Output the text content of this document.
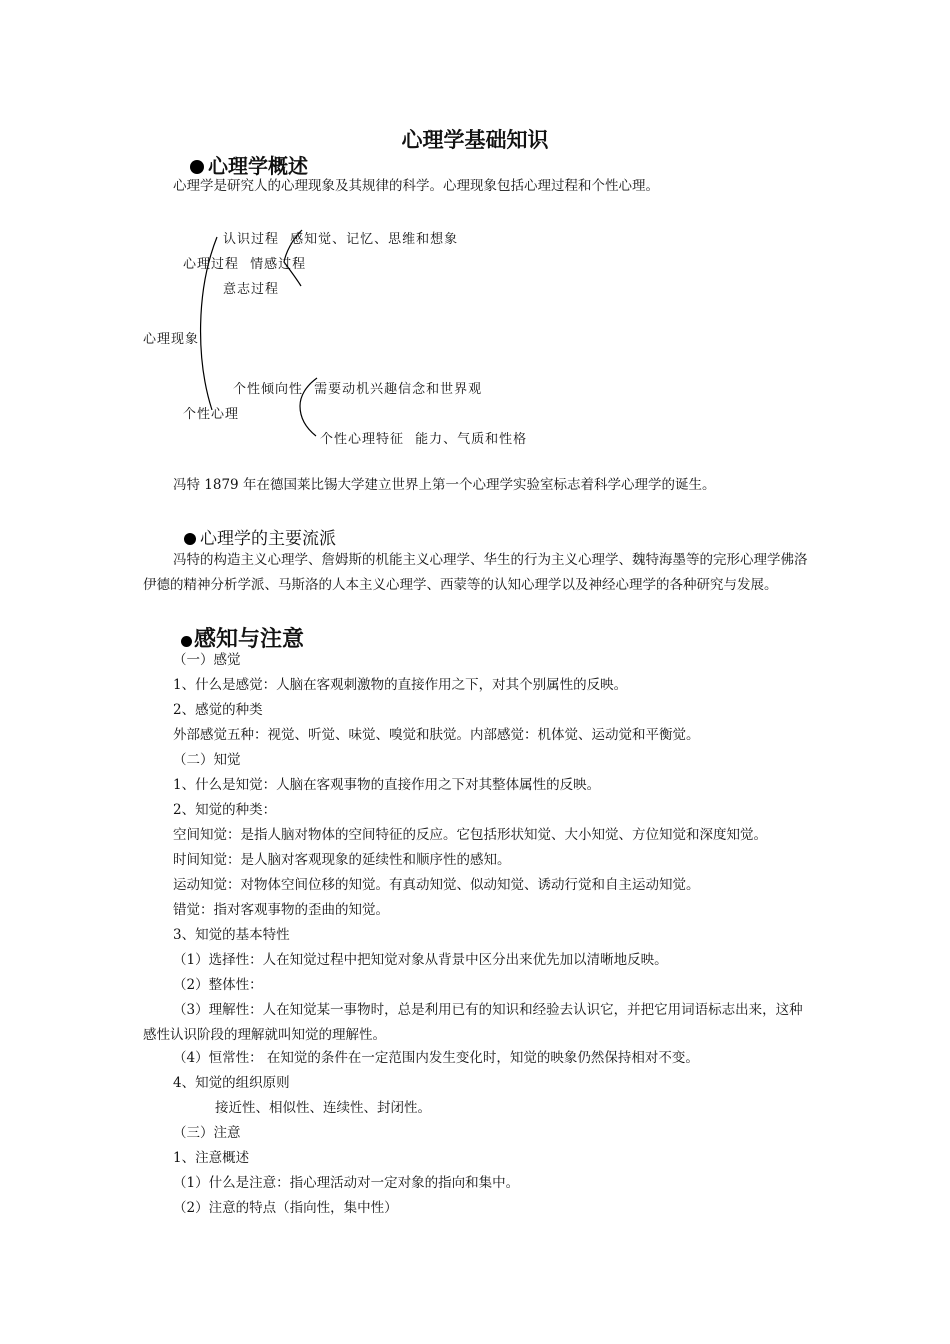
心理学基础知识
心理学概述
心理学是研究人的心理现象及其规律的科学。心理现象包括心理过程和个性心理。
认识过程 感知觉、记忆、思维和想象
心理过程 情感过程
意志过程
心理现象
个性倾向性 需要动机兴趣信念和世界观
个性心理
个性心理特征 能力、气质和性格
冯特 1879 年在德国莱比锡大学建立世界上第一个心理学实验室标志着科学心理学的诞生。
心理学的主要流派
冯特的构造主义心理学、詹姆斯的机能主义心理学、华生的行为主义心理学、魏特海墨等的完形心理学佛洛伊德的精神分析学派、马斯洛的人本主义心理学、西蒙等的认知心理学以及神经心理学的各种研究与发展。
感知与注意
（一）感觉
1、什么是感觉：人脑在客观刺激物的直接作用之下，对其个别属性的反映。
2、感觉的种类
外部感觉五种：视觉、听觉、味觉、嗅觉和肤觉。内部感觉：机体觉、运动觉和平衡觉。
（二）知觉
1、什么是知觉：人脑在客观事物的直接作用之下对其整体属性的反映。
2、知觉的种类：
空间知觉：是指人脑对物体的空间特征的反应。它包括形状知觉、大小知觉、方位知觉和深度知觉。
时间知觉：是人脑对客观现象的延续性和顺序性的感知。
运动知觉：对物体空间位移的知觉。有真动知觉、似动知觉、诱动行觉和自主运动知觉。
错觉：指对客观事物的歪曲的知觉。
3、知觉的基本特性
（1）选择性：人在知觉过程中把知觉对象从背景中区分出来优先加以清晰地反映。
（2）整体性：
（3）理解性：人在知觉某一事物时，总是利用已有的知识和经验去认识它，并把它用词语标志出来，这种感性认识阶段的理解就叫知觉的理解性。
（4）恒常性： 在知觉的条件在一定范围内发生变化时，知觉的映象仍然保持相对不变。
4、知觉的组织原则
接近性、相似性、连续性、封闭性。
（三）注意
1、注意概述
（1）什么是注意：指心理活动对一定对象的指向和集中。
（2）注意的特点（指向性，集中性）
